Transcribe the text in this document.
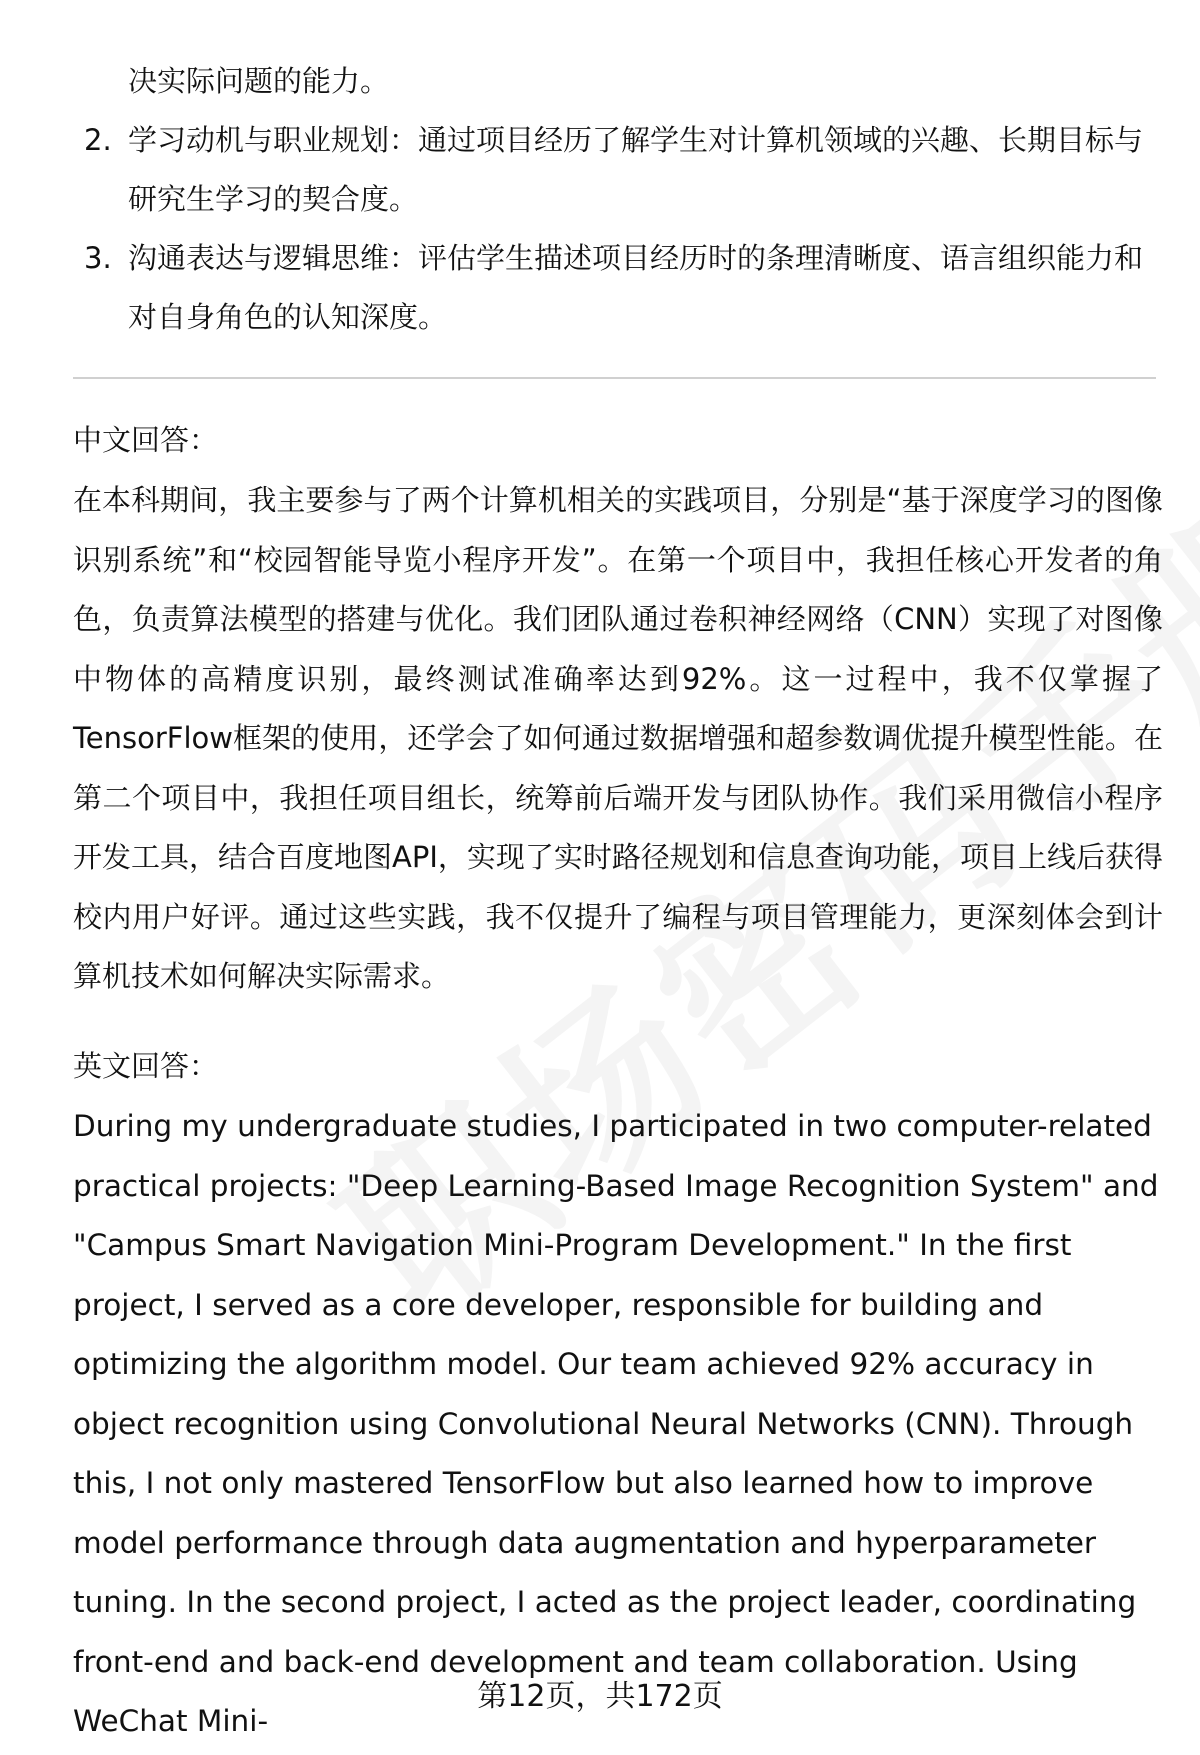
决实际问题的能力。
2. 学习动机与职业规划：通过项目经历了解学生对计算机领域的兴趣、长期目标与研究生学习的契合度。
3. 沟通表达与逻辑思维：评估学生描述项目经历时的条理清晰度、语言组织能力和对自身角色的认知深度。
中文回答：

在本科期间，我主要参与了两个计算机相关的实践项目，分别是“基于深度学习的图像识别系统”和“校园智能导览小程序开发”。在第一个项目中，我担任核心开发者的角色，负责算法模型的搭建与优化。我们团队通过卷积神经网络（CNN）实现了对图像中物体的高精度识别，最终测试准确率达到92%。这一过程中，我不仅掌握了TensorFlow框架的使用，还学会了如何通过数据增强和超参数调优提升模型性能。在第二个项目中，我担任项目组长，统筹前后端开发与团队协作。我们采用微信小程序开发工具，结合百度地图API，实现了实时路径规划和信息查询功能，项目上线后获得校内用户好评。通过这些实践，我不仅提升了编程与项目管理能力，更深刻体会到计算机技术如何解决实际需求。

英文回答：

During my undergraduate studies, I participated in two computer-related practical projects: "Deep Learning-Based Image Recognition System" and "Campus Smart Navigation Mini-Program Development." In the first project, I served as a core developer, responsible for building and optimizing the algorithm model. Our team achieved 92% accuracy in object recognition using Convolutional Neural Networks (CNN). Through this, I not only mastered TensorFlow but also learned how to improve model performance through data augmentation and hyperparameter tuning. In the second project, I acted as the project leader, coordinating front-end and back-end development and team collaboration. Using WeChat Mini-

第12页，共172页
